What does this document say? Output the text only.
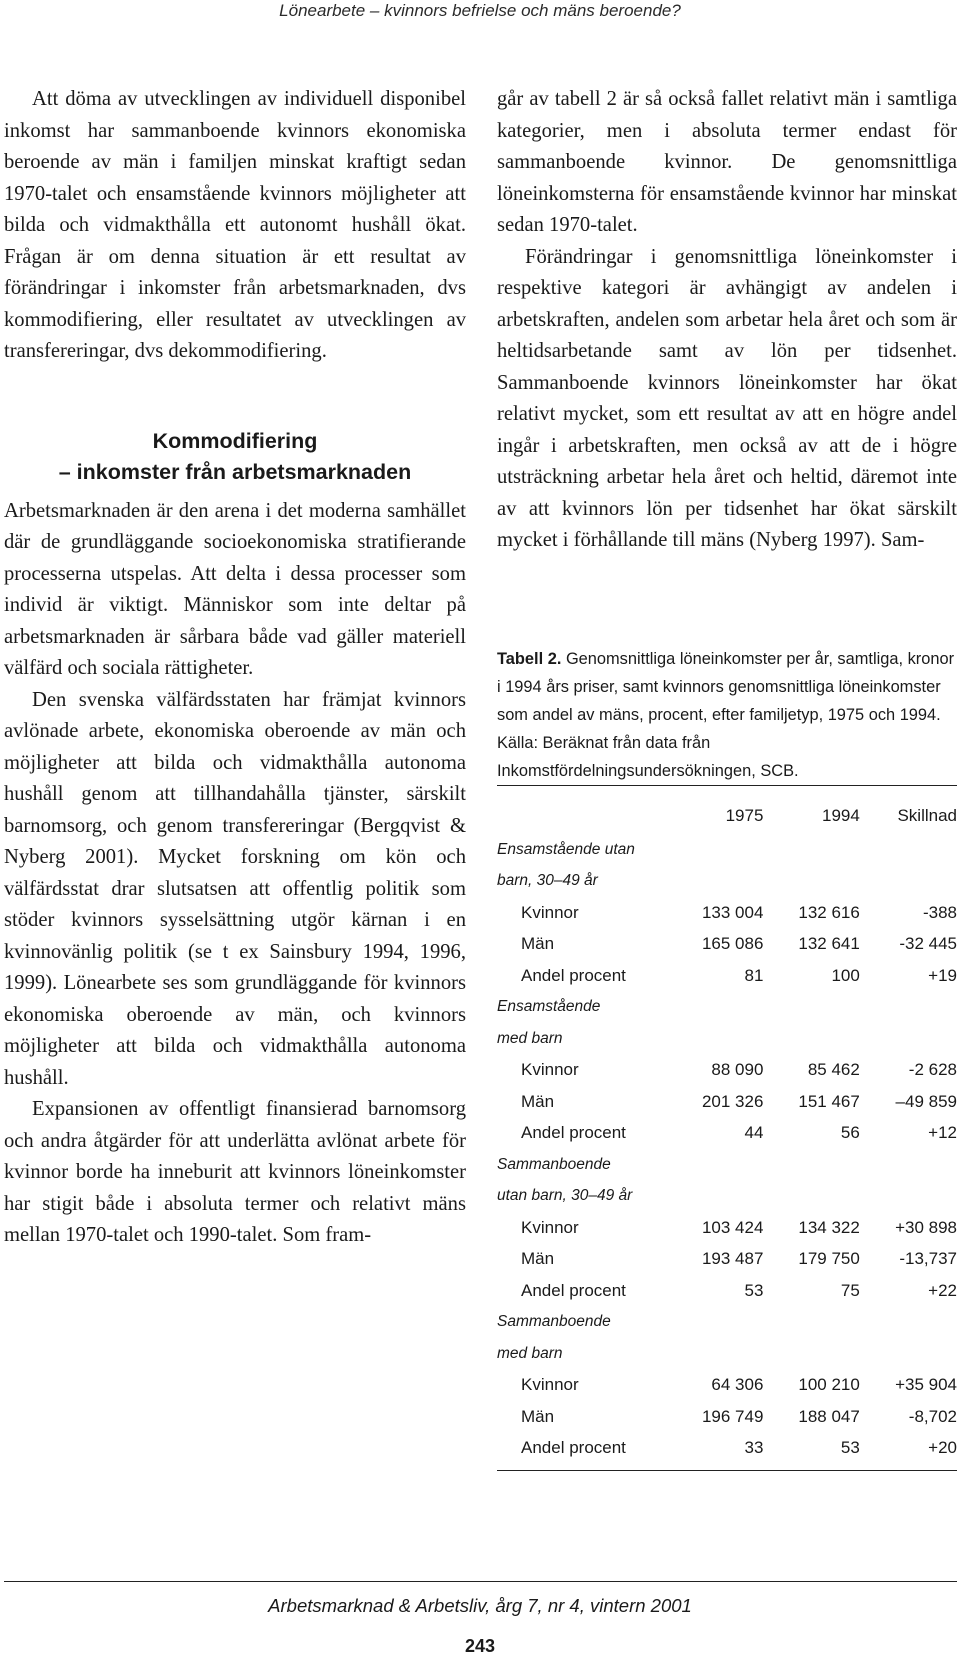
Lönearbete – kvinnors befrielse och mäns beroende?

Att döma av utvecklingen av individuell disponibel inkomst har sammanboende kvinnors ekonomiska beroende av män i familjen minskat kraftigt sedan 1970-talet och ensamstående kvinnors möjligheter att bilda och vidmakthålla ett autonomt hushåll ökat. Frågan är om denna situation är ett resultat av förändringar i inkomster från arbetsmarknaden, dvs kommodifiering, eller resultatet av utvecklingen av transfereringar, dvs dekommodifiering.

Kommodifiering
– inkomster från arbetsmarknaden

Arbetsmarknaden är den arena i det moderna samhället där de grundläggande socioekonomiska stratifierande processerna utspelas. Att delta i dessa processer som individ är viktigt. Människor som inte deltar på arbetsmarknaden är sårbara både vad gäller materiell välfärd och sociala rättigheter.

Den svenska välfärdsstaten har främjat kvinnors avlönade arbete, ekonomiska oberoende av män och möjligheter att bilda och vidmakthålla autonoma hushåll genom att tillhandahålla tjänster, särskilt barnomsorg, och genom transfereringar (Bergqvist & Nyberg 2001). Mycket forskning om kön och välfärdsstat drar slutsatsen att offentlig politik som stöder kvinnors sysselsättning utgör kärnan i en kvinnovänlig politik (se t ex Sainsbury 1994, 1996, 1999). Lönearbete ses som grundläggande för kvinnors ekonomiska oberoende av män, och kvinnors möjligheter att bilda och vidmakthålla autonoma hushåll.

Expansionen av offentligt finansierad barnomsorg och andra åtgärder för att underlätta avlönat arbete för kvinnor borde ha inneburit att kvinnors löneinkomster har stigit både i absoluta termer och relativt mäns mellan 1970-talet och 1990-talet. Som fram-

går av tabell 2 är så också fallet relativt män i samtliga kategorier, men i absoluta termer endast för sammanboende kvinnor. De genomsnittliga löneinkomsterna för ensamstående kvinnor har minskat sedan 1970-talet.

Förändringar i genomsnittliga löneinkomster i respektive kategori är avhängigt av andelen i arbetskraften, andelen som arbetar hela året och som är heltidsarbetande samt av lön per tidsenhet. Sammanboende kvinnors löneinkomster har ökat relativt mycket, som ett resultat av att en högre andel ingår i arbetskraften, men också av att de i högre utsträckning arbetar hela året och heltid, däremot inte av att kvinnors lön per tidsenhet har ökat särskilt mycket i förhållande till mäns (Nyberg 1997). Sam-

Tabell 2. Genomsnittliga löneinkomster per år, samtliga, kronor i 1994 års priser, samt kvinnors genomsnittliga löneinkomster som andel av mäns, procent, efter familjetyp, 1975 och 1994. Källa: Beräknat från data från Inkomstfördelningsundersökningen, SCB.
	1975	1994	Skillnad
Ensamstående utan			
barn, 30–49 år			
Kvinnor	133 004	132 616	-388
Män	165 086	132 641	-32 445
Andel procent	81	100	+19
Ensamstående			
med barn			
Kvinnor	88 090	85 462	-2 628
Män	201 326	151 467	–49 859
Andel procent	44	56	+12
Sammanboende			
utan barn, 30–49 år			
Kvinnor	103 424	134 322	+30 898
Män	193 487	179 750	-13,737
Andel procent	53	75	+22
Sammanboende			
med barn			
Kvinnor	64 306	100 210	+35 904
Män	196 749	188 047	-8,702
Andel procent	33	53	+20
Arbetsmarknad & Arbetsliv, årg 7, nr 4, vintern 2001
243
